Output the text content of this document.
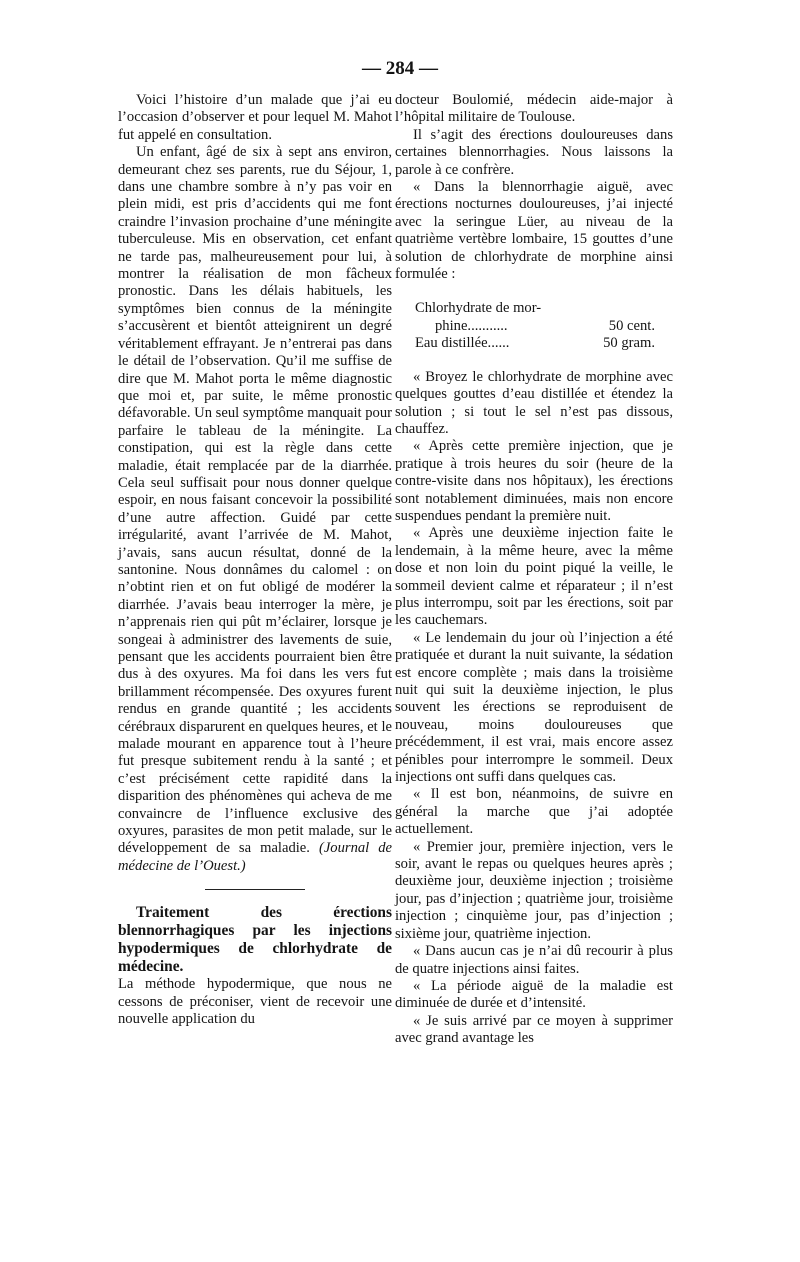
— 284 —

Voici l’histoire d’un malade que j’ai eu l’occasion d’observer et pour lequel M. Mahot fut appelé en consultation.

Un enfant, âgé de six à sept ans environ, demeurant chez ses parents, rue du Séjour, 1, dans une chambre sombre à n’y pas voir en plein midi, est pris d’accidents qui me font craindre l’invasion prochaine d’une méningite tuberculeuse. Mis en observation, cet enfant ne tarde pas, malheureusement pour lui, à montrer la réalisation de mon fâcheux pronostic. Dans les délais habituels, les symptômes bien connus de la méningite s’accusèrent et bientôt atteignirent un degré véritablement effrayant. Je n’entrerai pas dans le détail de l’observation. Qu’il me suffise de dire que M. Mahot porta le même diagnostic que moi et, par suite, le même pronostic défavorable. Un seul symptôme manquait pour parfaire le tableau de la méningite. La constipation, qui est la règle dans cette maladie, était remplacée par de la diarrhée. Cela seul suffisait pour nous donner quelque espoir, en nous faisant concevoir la possibilité d’une autre affection. Guidé par cette irrégularité, avant l’arrivée de M. Mahot, j’avais, sans aucun résultat, donné de la santonine. Nous donnâmes du calomel : on n’obtint rien et on fut obligé de modérer la diarrhée. J’avais beau interroger la mère, je n’apprenais rien qui pût m’éclairer, lorsque je songeai à administrer des lavements de suie, pensant que les accidents pourraient bien être dus à des oxyures. Ma foi dans les vers fut brillamment récompensée. Des oxyures furent rendus en grande quantité ; les accidents cérébraux disparurent en quelques heures, et le malade mourant en apparence tout à l’heure fut presque subitement rendu à la santé ; et c’est précisément cette rapidité dans la disparition des phénomènes qui acheva de me convaincre de l’influence exclusive des oxyures, parasites de mon petit malade, sur le développement de sa maladie. (Journal de médecine de l’Ouest.)

Traitement des érections blennorrhagiques par les injections hypodermiques de chlorhydrate de médecine.

La méthode hypodermique, que nous ne cessons de préconiser, vient de recevoir une nouvelle application du

docteur Boulomié, médecin aide-major à l’hôpital militaire de Toulouse.

Il s’agit des érections douloureuses dans certaines blennorrhagies. Nous laissons la parole à ce confrère.

« Dans la blennorrhagie aiguë, avec érections nocturnes douloureuses, j’ai injecté avec la seringue Lüer, au niveau de la quatrième vertèbre lombaire, 15 gouttes d’une solution de chlorhydrate de morphine ainsi formulée :

Chlorhydrate de mor-
phine...........	50 cent.
Eau distillée......	50 gram.

« Broyez le chlorhydrate de morphine avec quelques gouttes d’eau distillée et étendez la solution ; si tout le sel n’est pas dissous, chauffez.

« Après cette première injection, que je pratique à trois heures du soir (heure de la contre-visite dans nos hôpitaux), les érections sont notablement diminuées, mais non encore suspendues pendant la première nuit.

« Après une deuxième injection faite le lendemain, à la même heure, avec la même dose et non loin du point piqué la veille, le sommeil devient calme et réparateur ; il n’est plus interrompu, soit par les érections, soit par les cauchemars.

« Le lendemain du jour où l’injection a été pratiquée et durant la nuit suivante, la sédation est encore complète ; mais dans la troisième nuit qui suit la deuxième injection, le plus souvent les érections se reproduisent de nouveau, moins douloureuses que précédemment, il est vrai, mais encore assez pénibles pour interrompre le sommeil. Deux injections ont suffi dans quelques cas.

« Il est bon, néanmoins, de suivre en général la marche que j’ai adoptée actuellement.

« Premier jour, première injection, vers le soir, avant le repas ou quelques heures après ; deuxième jour, deuxième injection ; troisième jour, pas d’injection ; quatrième jour, troisième injection ; cinquième jour, pas d’injection ; sixième jour, quatrième injection.

« Dans aucun cas je n’ai dû recourir à plus de quatre injections ainsi faites.

« La période aiguë de la maladie est diminuée de durée et d’intensité.

« Je suis arrivé par ce moyen à supprimer avec grand avantage les
